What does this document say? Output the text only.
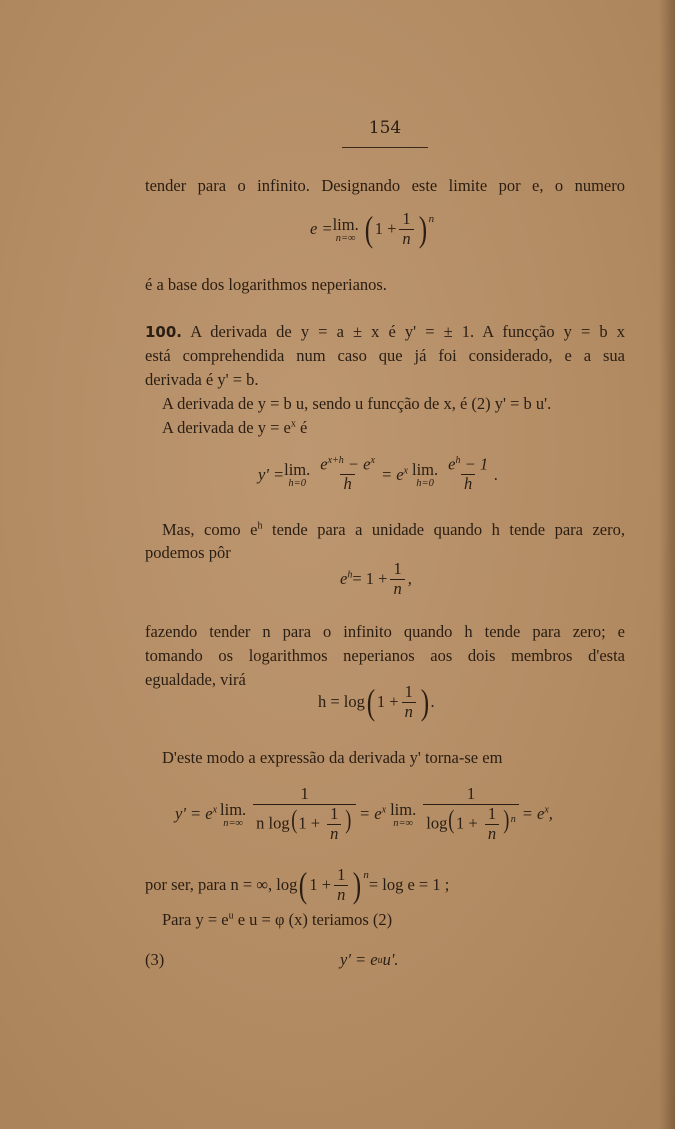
154
tender para o infinito. Designando este limite por e, o numero
e = lim.
n=∞ ( $1 + \frac{1}{n}$ ) n
é a base dos logarithmos neperianos.
100. A derivada de y = a ± x é y' = ± 1. A funcção y = b x
está comprehendida num caso que já foi considerado, e a sua
derivada é y' = b.
A derivada de y = b u, sendo u funcção de x, é (2) y' = b u'.
A derivada de $y = e^x$ é
y' = lim.
$h=0 \frac{e^{x+h} - e^x}{h} = e^x$ lim.
$h=0 \frac{e^h - 1}{h}$ .
Mas, como $e^h$ tende para a unidade quando h tende para zero,
podemos pôr
$e^h = 1 + \frac{1}{n}$ ,
fazendo tender n para o infinito quando h tende para zero; e
tomando os logarithmos neperianos aos dois membros d'esta
egualdade, virá
h = log ( $1 + \frac{1}{n}$ ) .
D'este modo a expressão da derivada y' torna-se em
$y' = e^x$ lim.
$n=\infty \frac{1}{n \log(1 + \frac{1}{n} )} = e^x$ lim.
$n=\infty \frac{1}{\log(1 + \frac{1}{n} )^n} = e^x$,
por ser, para n = ∞, log ( $1 + \frac{1}{n}$ ) n = log e = 1 ;
Para $y = e^u$ e u = φ (x) teriamos (2)
(3)	y' = e u u'.
